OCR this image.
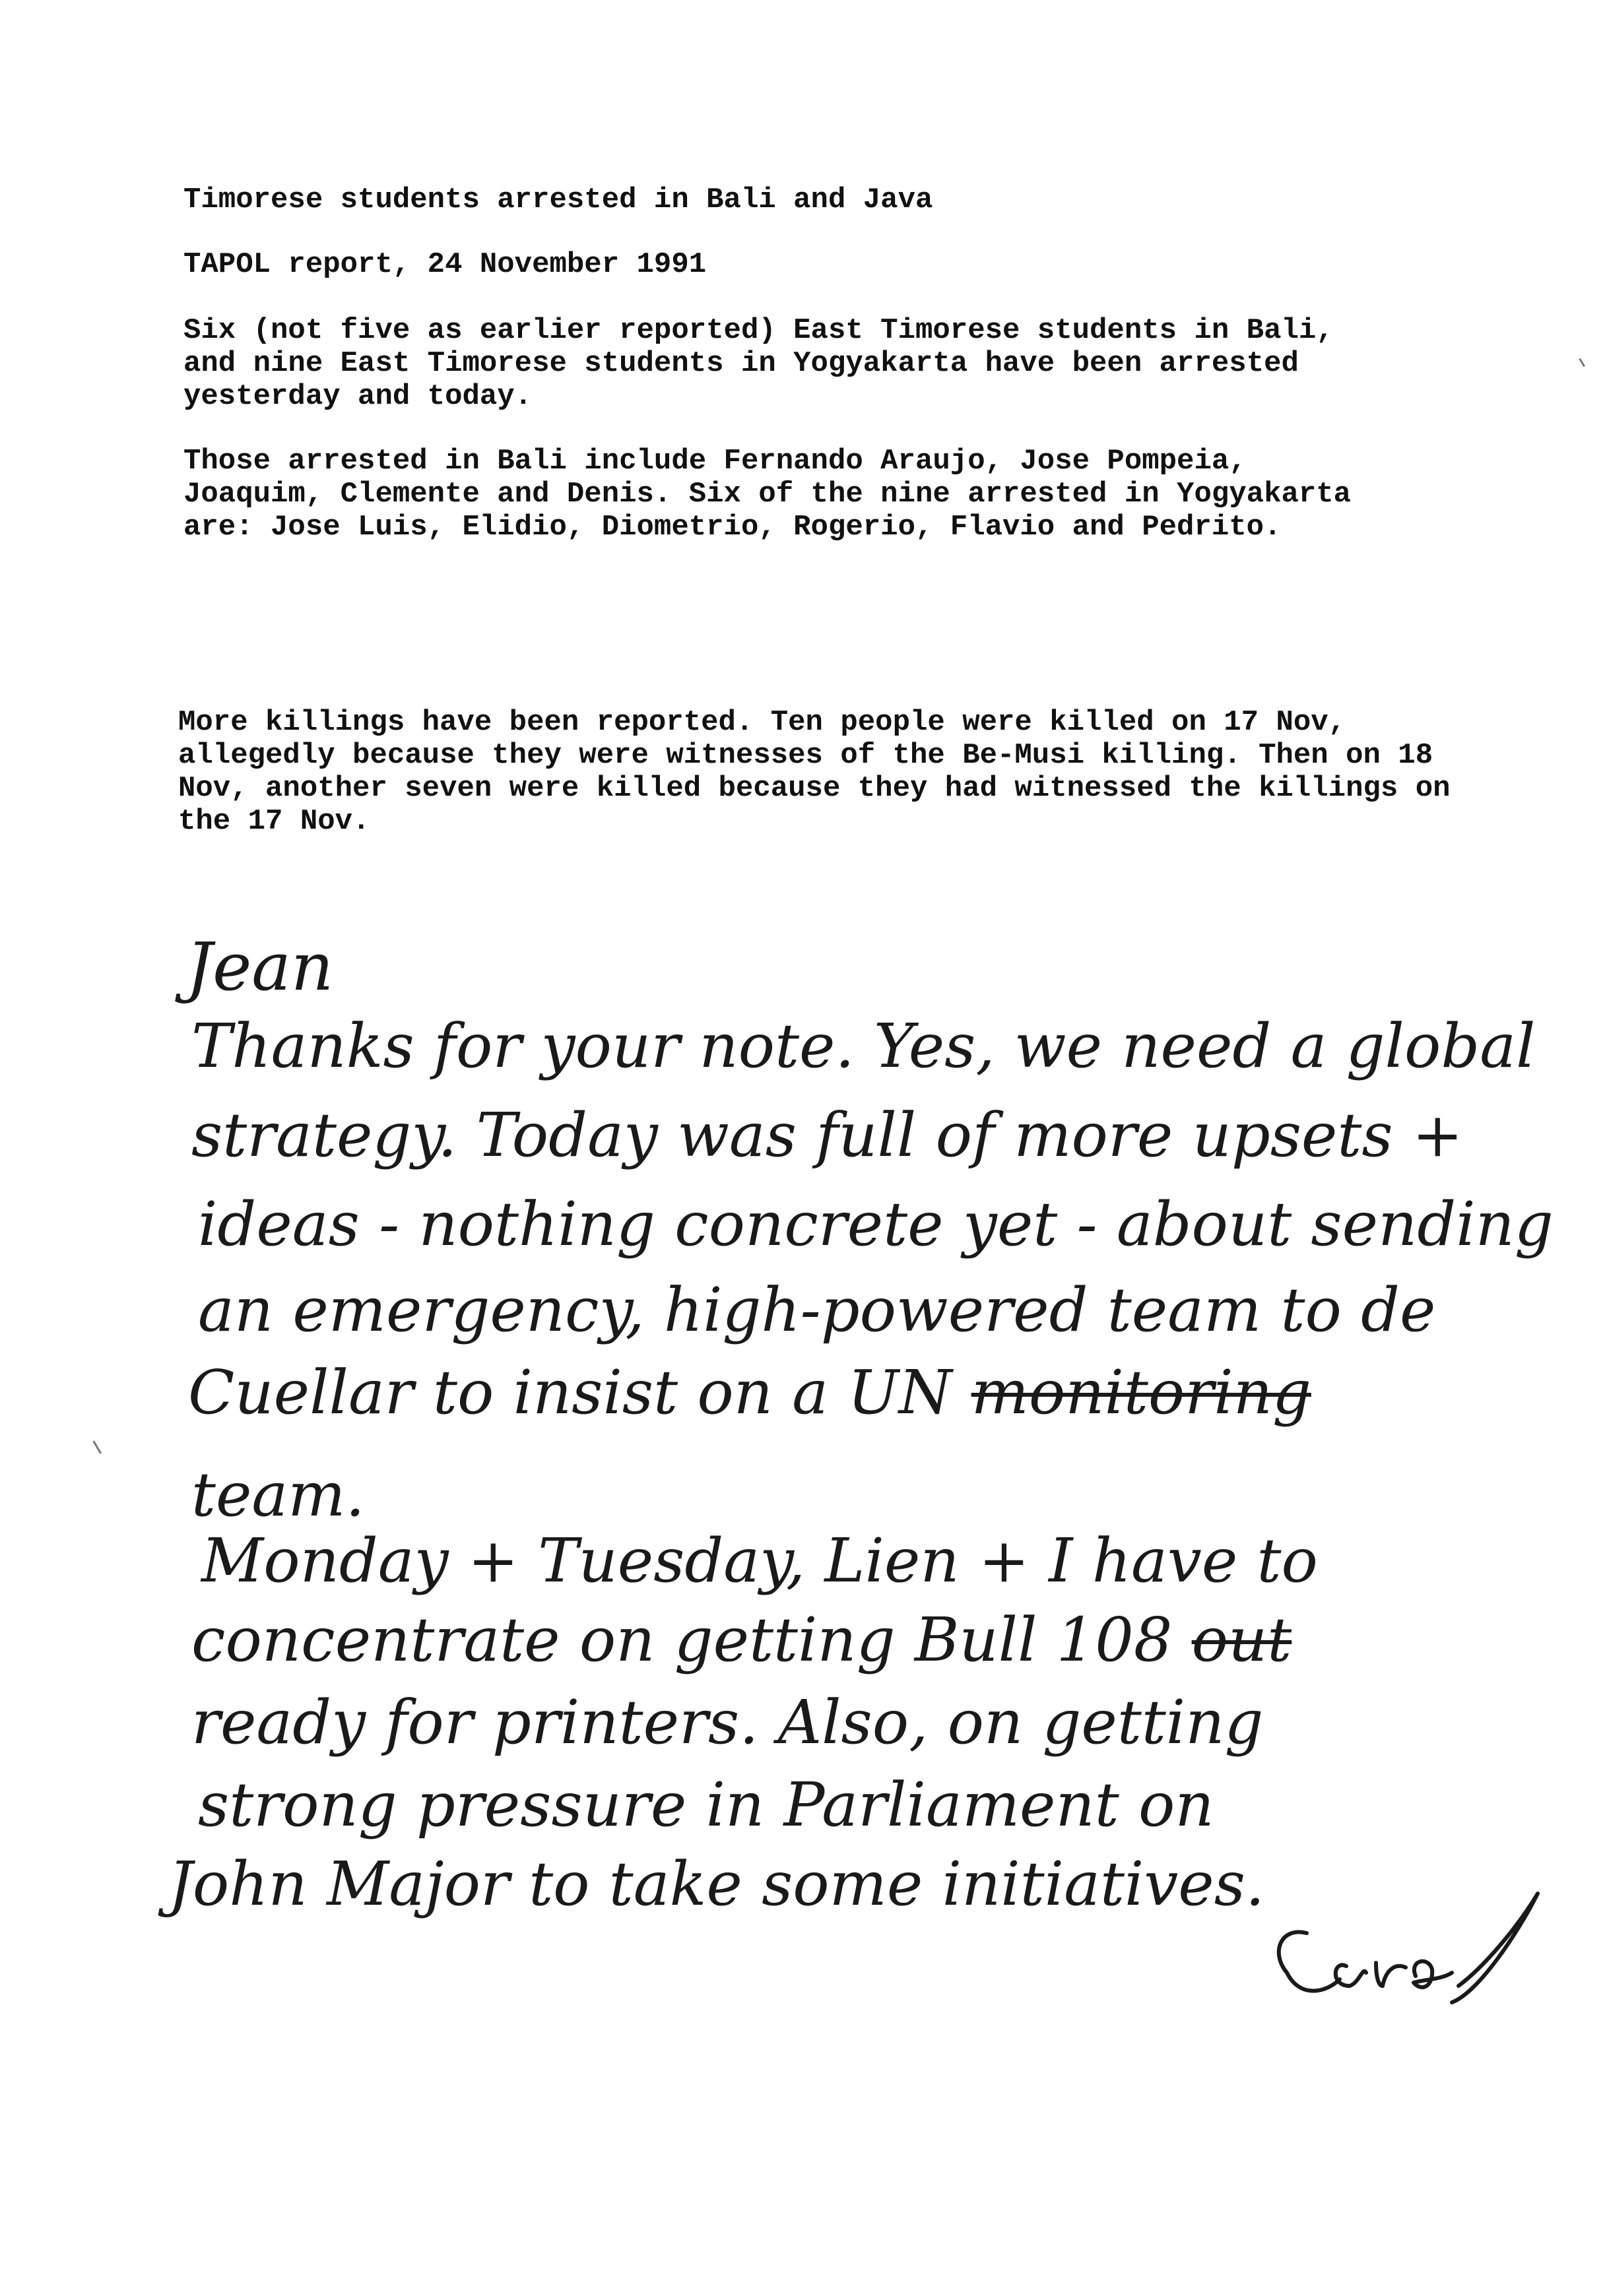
Timorese students arrested in Bali and Java

TAPOL report, 24 November 1991

Six (not five as earlier reported) East Timorese students in Bali, and nine East Timorese students in Yogyakarta have been arrested yesterday and today.

Those arrested in Bali include Fernando Araujo, Jose Pompeia, Joaquim, Clemente and Denis. Six of the nine arrested in Yogyakarta are: Jose Luis, Elidio, Diometrio, Rogerio, Flavio and Pedrito.

More killings have been reported. Ten people were killed on 17 Nov, allegedly because they were witnesses of the Be-Musi killing. Then on 18 Nov, another seven were killed because they had witnessed the killings on the 17 Nov.

Jean

Thanks for your note. Yes, we need a global

strategy. Today was full of more upsets +

ideas - nothing concrete yet - about sending

an emergency, high-powered team to de

Cuellar to insist on a UN monitoring

team.

Monday + Tuesday, Lien + I have to

concentrate on getting Bull 108 out

ready for printers. Also, on getting

strong pressure in Parliament on

John Major to take some initiatives.
